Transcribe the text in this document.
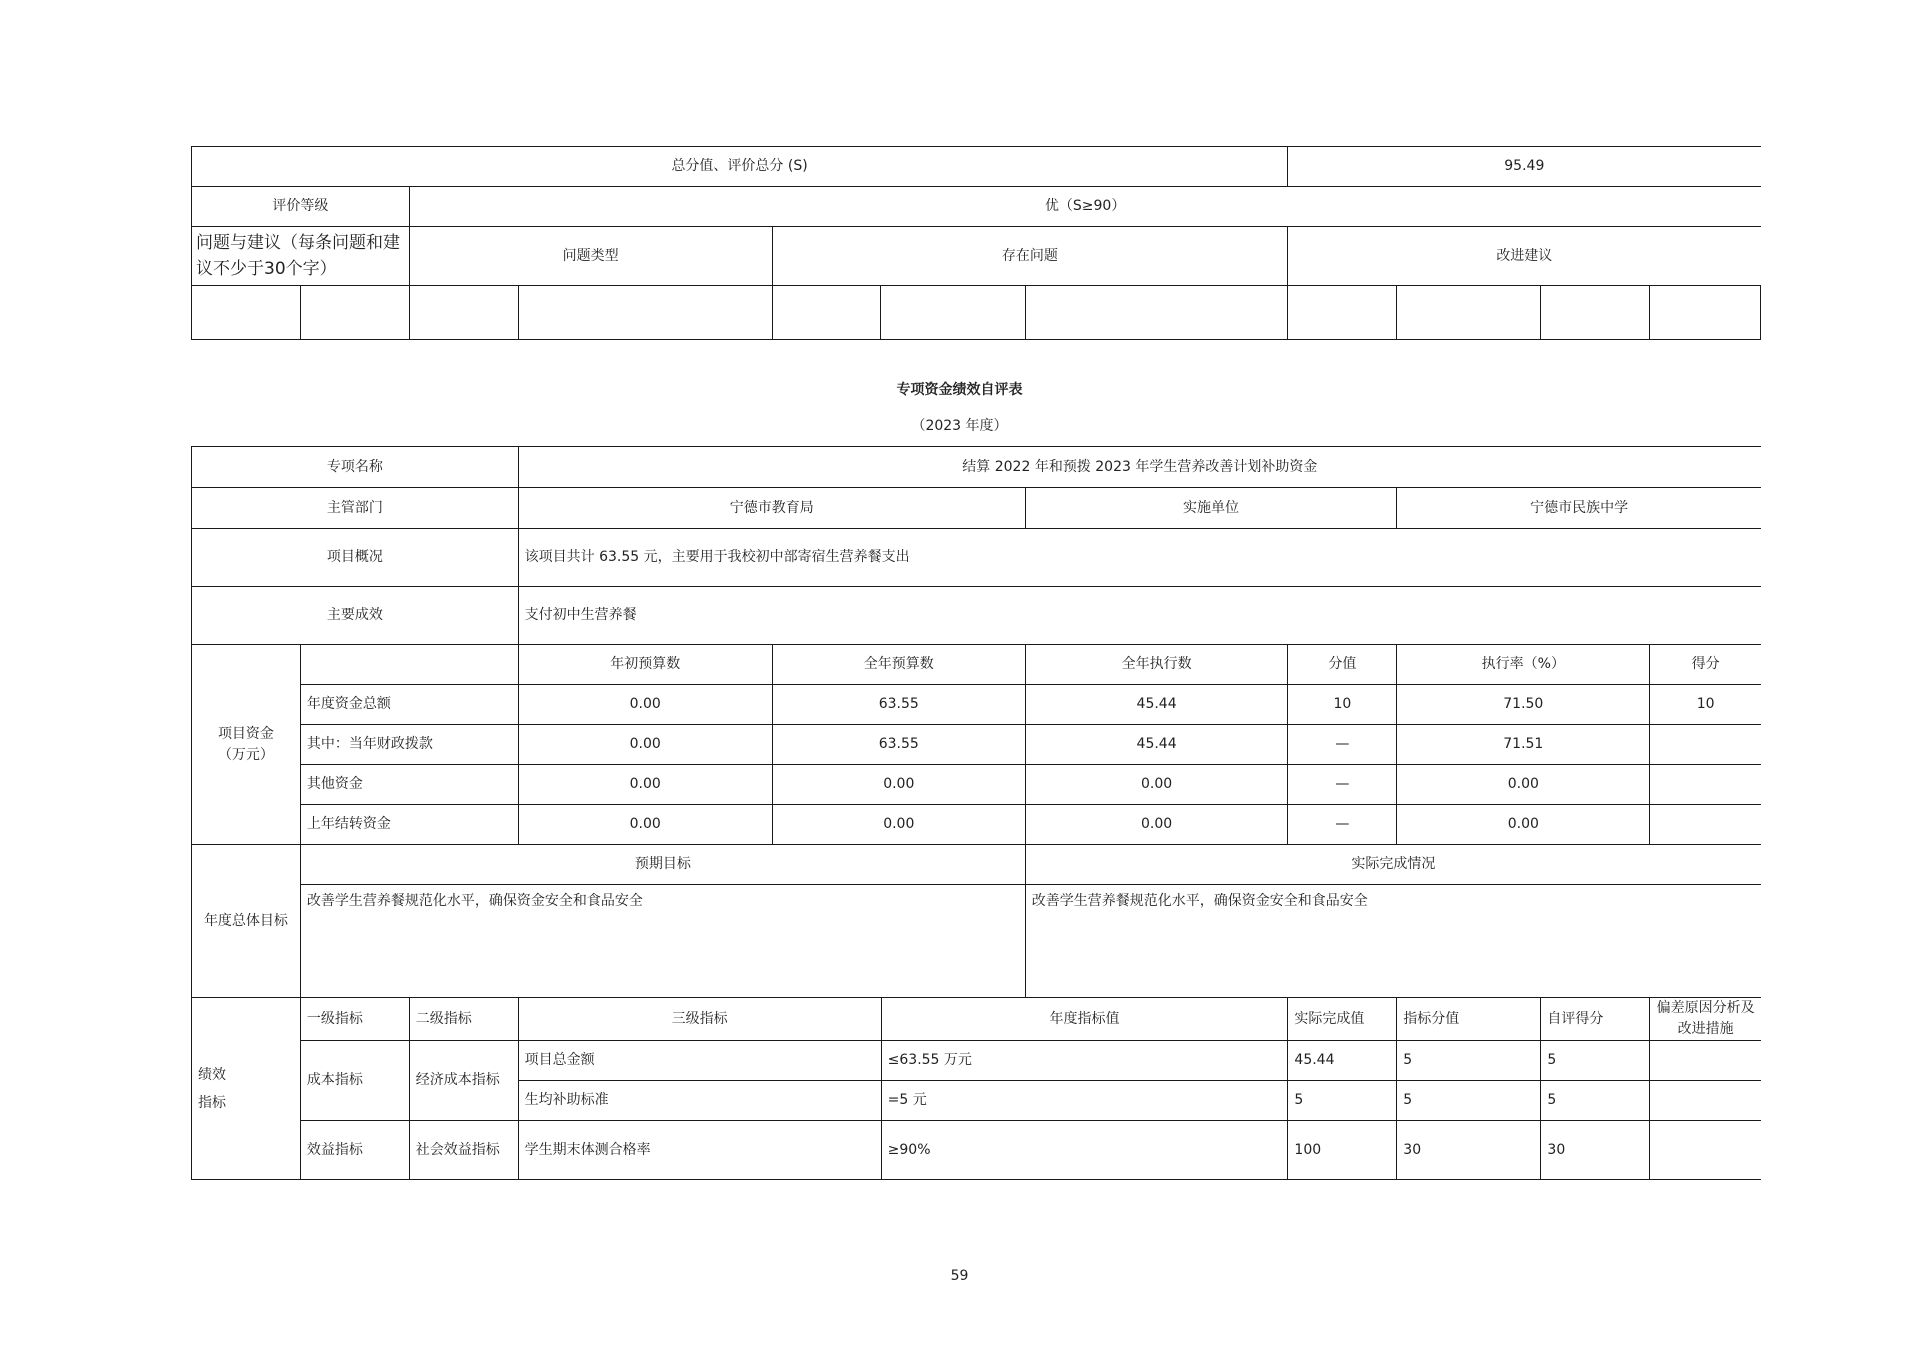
总分值、评价总分 (S)							95.49			
评价等级		优（S≥90）								
问题与建议（每条问题和建议不少于30个字）		问题类型		存在问题			改进建议			

专项资金绩效自评表
（2023 年度）
专项名称			结算 2022 年和预拨 2023 年学生营养改善计划补助资金							
主管部门			宁德市教育局			实施单位		宁德市民族中学		
项目概况			该项目共计 63.55 元，主要用于我校初中部寄宿生营养餐支出							
主要成效			支付初中生营养餐							

项目资金（万元）			年初预算数	全年预算数		全年执行数	分值	执行率（%）		得分
	年度资金总额		0.00	63.55		45.44	10	71.50		10
	其中：当年财政拨款		0.00	63.55		45.44	—	71.51		
	其他资金		0.00	0.00		0.00	—	0.00		
	上年结转资金		0.00	0.00		0.00	—	0.00		

年度总体目标	预期目标					实际完成情况				
	改善学生营养餐规范化水平，确保资金安全和食品安全					改善学生营养餐规范化水平，确保资金安全和食品安全				

绩效指标	一级指标	二级指标	三级指标		年度指标值		实际完成值	指标分值	自评得分	偏差原因分析及改进措施
	成本指标	经济成本指标	项目总金额		≤63.55 万元		45.44	5	5	
			生均补助标准		=5 元		5	5	5	
	效益指标	社会效益指标	学生期末体测合格率		≥90%		100	30	30	
59
